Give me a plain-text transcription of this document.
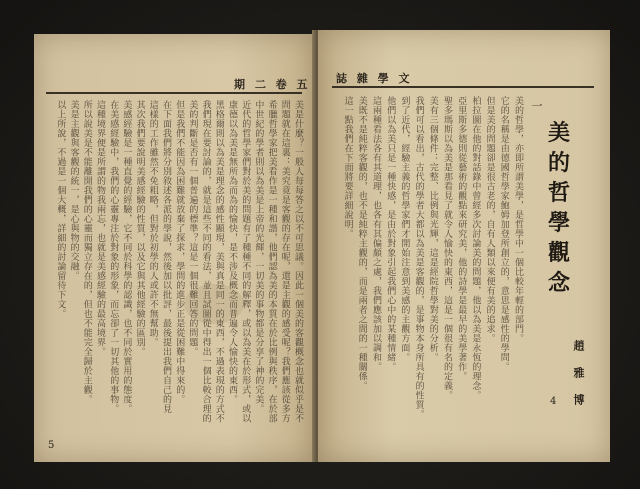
期 二 卷 五
美是什麼？一般人每每答之以不可思議。因此一個美的客觀概念也就似乎是不
問題就在這裏：美究竟是客觀的存在呢，還是主觀的感受呢？我們應該從多方
希臘哲學家把美看作是一種和諧，他們認為美的本質在於比例與秩序，在於部
中世紀的學者則以為美是上帝的光輝，一切美的事物都是分享了神的完美。
近代的哲學家們對於美的問題有了種種不同的解釋，或以為美在於形式，或以
康德以為美是無所為而為的愉快，是不涉及概念而普遍令人愉快的東西。
黑格爾則以為美是理念的感性顯現，美與真是同一的東西，不過表現的方式不
我們現在要討論的，就是這些不同的看法，並且試圖從中得出一個比較合理的
美的判斷是否有一個普遍的標準？這是一個很難回答的問題。
但是我們不能因為困難就放棄了探求，學問的進步正是從困難中得來的。
在下面我們將分別敘述各派的學說，然後加以批評，最後提出我們自己的見
這樣的工作雖然不免粗略，但對於初學的人或許不無幫助。
其次我們要說明美感經驗的性質，以及它與其他經驗的區別。
美感經驗是一種直覺的經驗，它不同於科學的認識，也不同於實用的態度。
在美感經驗中，我們的心靈專注於對象的形象，而忘卻了一切其他的事物。
這種境界便是所謂的物我兩忘，也就是美感經驗的最高境界。
所以說美是不能離開我們的心靈而獨立存在的，但也不能完全歸於主觀。
美是主觀與客觀的統一，是心與物的交融。
以上所說，不過是一個大概，詳細的討論留待下文。
5
誌 雜 學 文
美的哲學，亦即所謂美學，是哲學中一個比較年輕的部門。
它的名稱是由德國哲學家鮑姆加登所創立的，意思是感性的學問。
但是美的問題卻是很古老的，自有人類以來便有美的追求。
柏拉圖在他的對話錄中曾經多次討論美的問題，他以為美是永恆的理念。
亞里斯多德則從藝術的觀點來研究美，他的詩學是最早的美學著作。
聖多瑪斯以為美是那看見了就令人愉快的東西，這是一個很有名的定義。
美有三個條件：完整、比例與光輝，這是經院哲學對美的分析。
我們可以看出，古代的學者大都以為美是客觀的，是事物本身所具有的性質。
到了近代，經驗主義的哲學家們才開始注意到美感的主觀方面。
他們以為美只是一種快感，是由於對象引起我們心中的某種情緒。
這兩種看法各有其道理，也各有其偏頗之處，我們應該加以調和。
美既不是純粹客觀的，也不是純粹主觀的，而是兩者之間的一種關係。
這一點我們在下面將要詳細說明。	一
美
的
哲
學
觀
念
趙 雅 博
4
